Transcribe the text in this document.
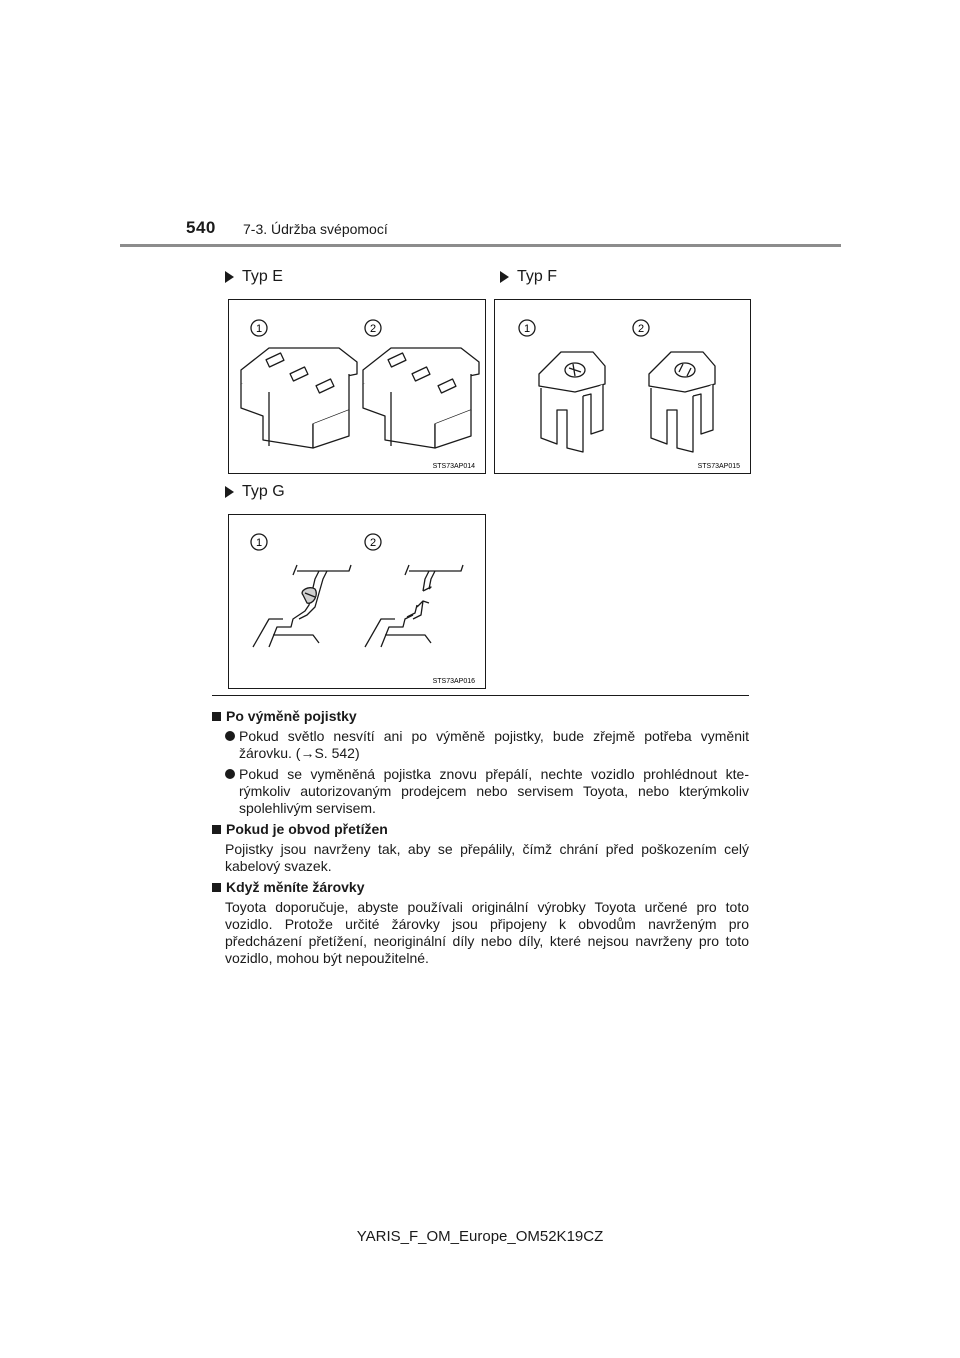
540 7-3. Údržba svépomocí
Typ E	Typ F
Typ G
1	2
STS73AP014
1	2
STS73AP015
1	2
STS73AP016
Po výměně pojistky
Pokud světlo nesvítí ani po výměně pojistky, bude zřejmě potřeba vyměnit žárovku. (→S. 542)
Pokud se vyměněná pojistka znovu přepálí, nechte vozidlo prohlédnout kte- rýmkoliv autorizovaným prodejcem nebo servisem Toyota, nebo kterýmkoliv spolehlivým servisem.
Pokud je obvod přetížen
Pojistky jsou navrženy tak, aby se přepálily, čímž chrání před poškozením celý kabelový svazek.
Když měníte žárovky
Toyota doporučuje, abyste používali originální výrobky Toyota určené pro toto vozidlo. Protože určité žárovky jsou připojeny k obvodům navrženým pro předcházení přetížení, neoriginální díly nebo díly, které nejsou navrženy pro toto vozidlo, mohou být nepoužitelné.
YARIS_F_OM_Europe_OM52K19CZ
